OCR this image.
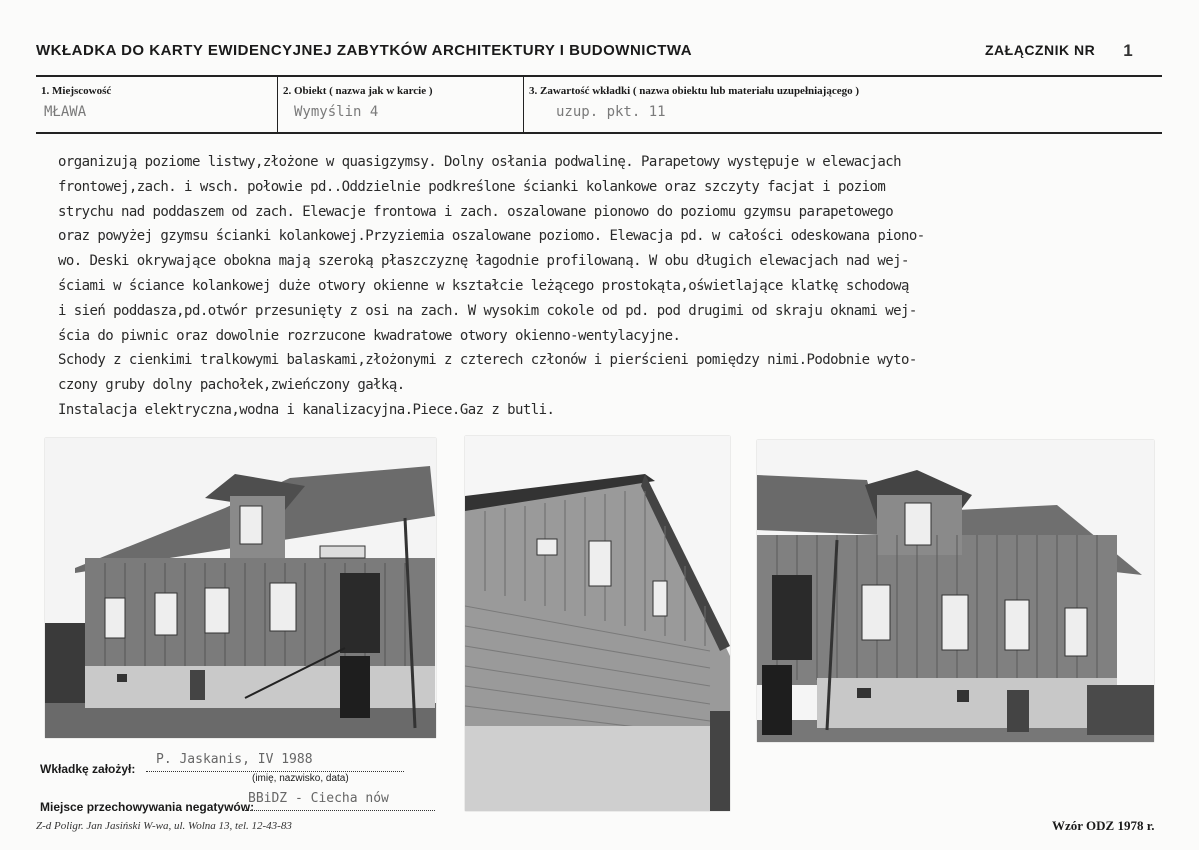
WKŁADKA DO KARTY EWIDENCYJNEJ ZABYTKÓW ARCHITEKTURY I BUDOWNICTWA	ZAŁĄCZNIK NR	1
1. Miejscowość
MŁAWA
2. Obiekt ( nazwa jak w karcie )
Wymyślin 4
3. Zawartość wkładki ( nazwa obiektu lub materiału uzupełniającego )
uzup. pkt. 11
organizują poziome listwy,złożone w quasigzymsy. Dolny osłania podwalinę. Parapetowy występuje w elewacjach
frontowej,zach. i wsch. połowie pd..Oddzielnie podkreślone ścianki kolankowe oraz szczyty facjat i poziom
strychu nad poddaszem od zach. Elewacje frontowa i zach. oszalowane pionowo do poziomu gzymsu parapetowego
oraz powyżej gzymsu ścianki kolankowej.Przyziemia oszalowane poziomo. Elewacja pd. w całości odeskowana piono-
wo. Deski okrywające obokna mają szeroką płaszczyznę łagodnie profilowaną. W obu długich elewacjach nad wej-
ściami w ściance kolankowej duże otwory okienne w kształcie leżącego prostokąta,oświetlające klatkę schodową
i sień poddasza,pd.otwór przesunięty z osi na zach. W wysokim cokole od pd. pod drugimi od skraju oknami wej-
ścia do piwnic oraz dowolnie rozrzucone kwadratowe otwory okienno-wentylacyjne.
Schody z cienkimi tralkowymi balaskami,złożonymi z czterech członów i pierścieni pomiędzy nimi.Podobnie wyto-
czony gruby dolny pachołek,zwieńczony gałką.
Instalacja elektryczna,wodna i kanalizacyjna.Piece.Gaz z butli.
Wkładkę założył:
P. Jaskanis, IV 1988
(imię, nazwisko, data)
Miejsce przechowywania negatywów:
BBiDZ - Ciecha nów
Z-d Poligr. Jan Jasiński W-wa, ul. Wolna 13, tel. 12-43-83	Wzór ODZ 1978 r.
